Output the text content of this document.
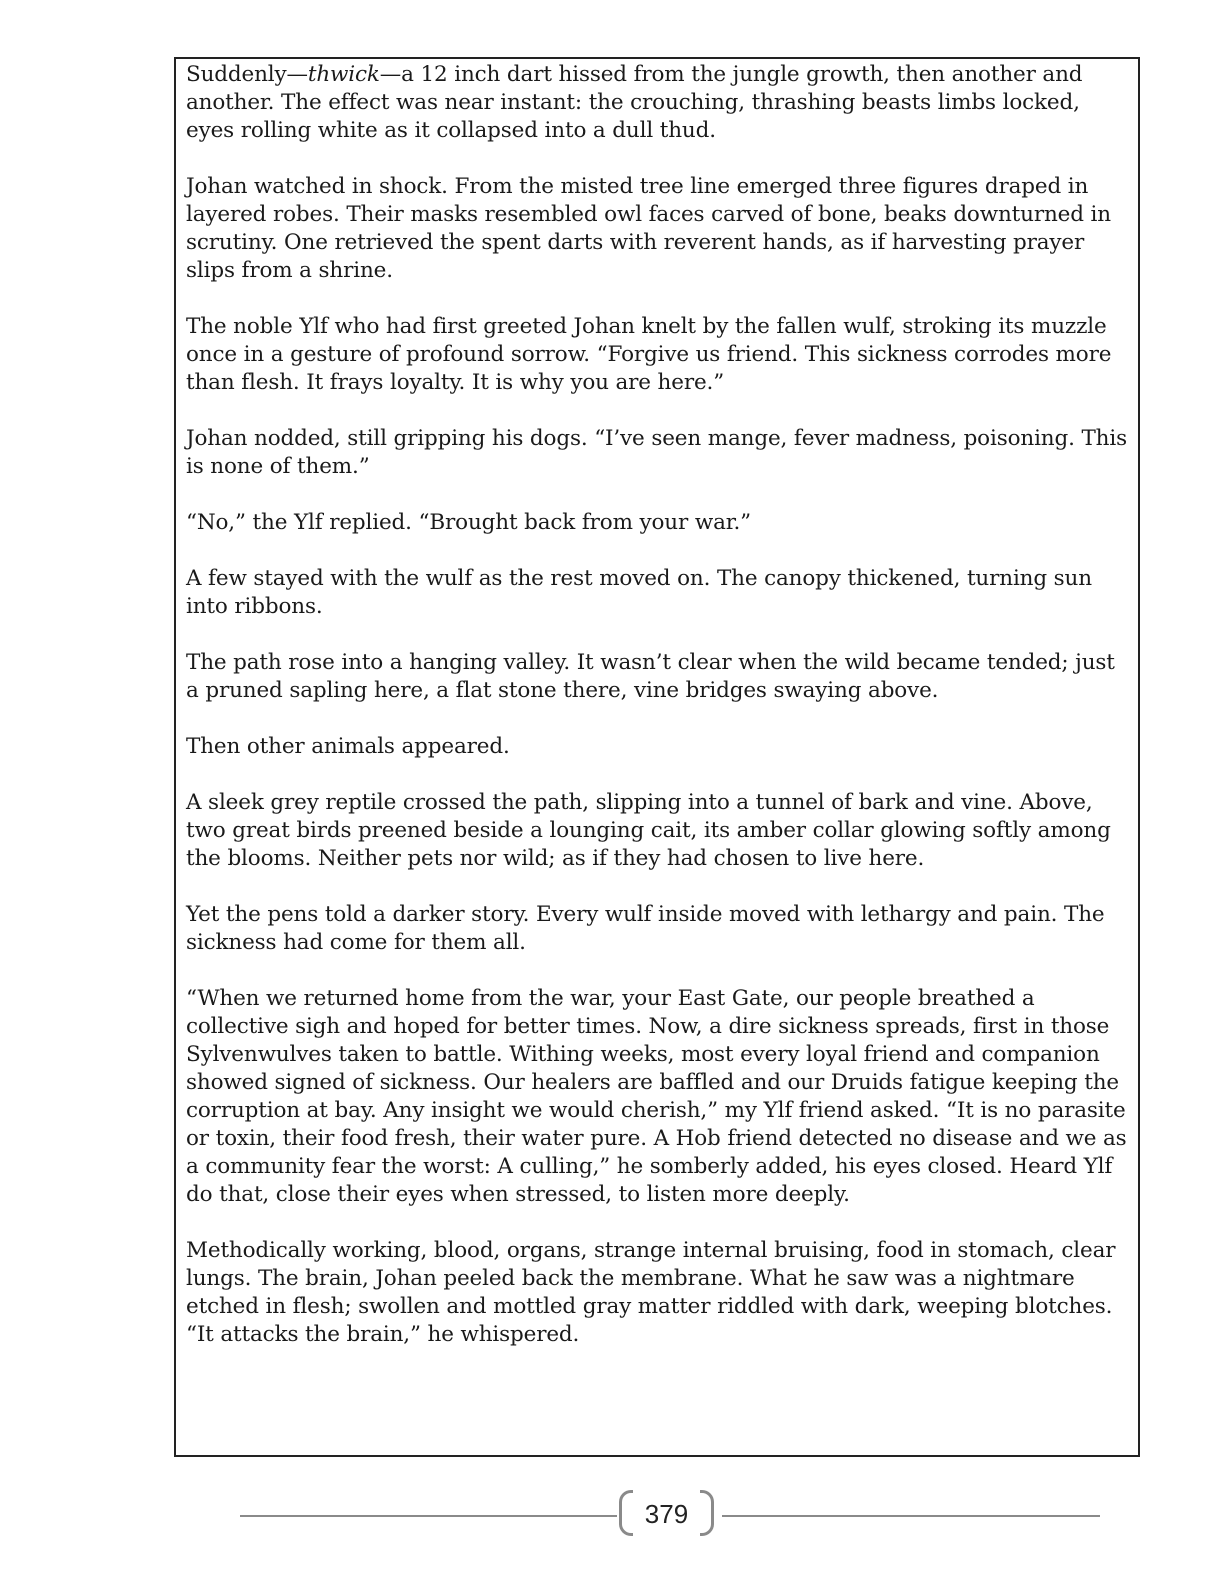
Suddenly—thwick—a 12 inch dart hissed from the jungle growth, then another and another. The effect was near instant: the crouching, thrashing beasts limbs locked, eyes rolling white as it collapsed into a dull thud.

Johan watched in shock. From the misted tree line emerged three figures draped in layered robes. Their masks resembled owl faces carved of bone, beaks downturned in scrutiny. One retrieved the spent darts with reverent hands, as if harvesting prayer slips from a shrine.

The noble Ylf who had first greeted Johan knelt by the fallen wulf, stroking its muzzle once in a gesture of profound sorrow. “Forgive us friend. This sickness corrodes more than flesh. It frays loyalty. It is why you are here.”

Johan nodded, still gripping his dogs. “I’ve seen mange, fever madness, poisoning. This is none of them.”

“No,” the Ylf replied. “Brought back from your war.”

A few stayed with the wulf as the rest moved on. The canopy thickened, turning sun into ribbons.

The path rose into a hanging valley. It wasn’t clear when the wild became tended; just a pruned sapling here, a flat stone there, vine bridges swaying above.

Then other animals appeared.

A sleek grey reptile crossed the path, slipping into a tunnel of bark and vine. Above, two great birds preened beside a lounging cait, its amber collar glowing softly among the blooms. Neither pets nor wild; as if they had chosen to live here.

Yet the pens told a darker story. Every wulf inside moved with lethargy and pain. The sickness had come for them all.

“When we returned home from the war, your East Gate, our people breathed a collective sigh and hoped for better times. Now, a dire sickness spreads, first in those Sylvenwulves taken to battle. Withing weeks, most every loyal friend and companion showed signed of sickness. Our healers are baffled and our Druids fatigue keeping the corruption at bay. Any insight we would cherish,” my Ylf friend asked. “It is no parasite or toxin, their food fresh, their water pure. A Hob friend detected no disease and we as a community fear the worst: A culling,” he somberly added, his eyes closed. Heard Ylf do that, close their eyes when stressed, to listen more deeply.

Methodically working, blood, organs, strange internal bruising, food in stomach, clear lungs. The brain, Johan peeled back the membrane. What he saw was a nightmare etched in flesh; swollen and mottled gray matter riddled with dark, weeping blotches. “It attacks the brain,” he whispered.

379
